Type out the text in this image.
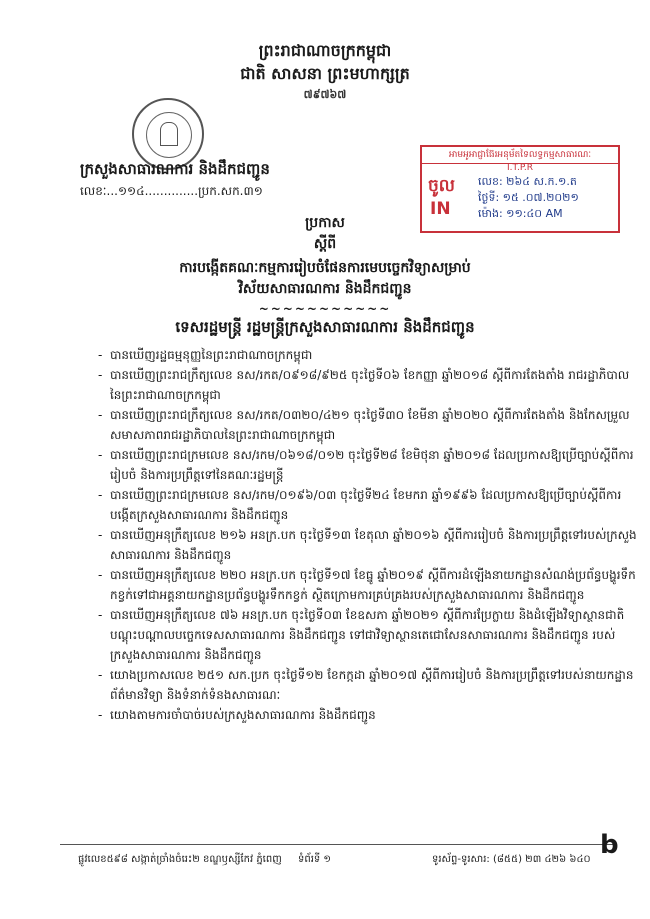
ព្រះរាជាណាចក្រកម្ពុជា
ជាតិ សាសនា ព្រះមហាក្សត្រ
៧៩៧៦៧
ក្រសួងសាធារណការ និងដឹកជញ្ជូន
លេខៈ...១១៤..............ប្រក.សក.៣១
អាមអូអាជ្ញាធ៊ែរអនុម័តទៃលទ្ធកម្មសាធារណៈ
I.T.P.R
ចូល
IN
លេខ: ២៦៤ ស.ក.១.ត
ថ្ងៃទី: ១៥ .០៧.២០២១
ម៉ោង: ១១:៤០ AM
ប្រកាស
ស្តីពី
ការបង្កើតគណៈកម្មការរៀបចំផែនការមេបច្ចេកវិទ្យាសម្រាប់
វិស័យសាធារណការ និងដឹកជញ្ជូន
~~~~~~~~~~~
ទេសរដ្ឋមន្ត្រី រដ្ឋមន្ត្រីក្រសួងសាធារណការ និងដឹកជញ្ជូន
- បានឃើញរដ្ឋធម្មនុញ្ញនៃព្រះរាជាណាចក្រកម្ពុជា
- បានឃើញព្រះរាជក្រឹត្យលេខ នស/រកត/០៩១៨/៩២៥ ចុះថ្ងៃទី០៦ ខែកញ្ញា ឆ្នាំ២០១៨ ស្តីពីការតែងតាំង រាជរដ្ឋាភិបាលនៃព្រះរាជាណាចក្រកម្ពុជា
- បានឃើញព្រះរាជក្រឹត្យលេខ នស/រកត/០៣២០/៤២១ ចុះថ្ងៃទី៣០ ខែមីនា ឆ្នាំ២០២០ ស្តីពីការតែងតាំង និងកែសម្រួលសមាសភាពរាជរដ្ឋាភិបាលនៃព្រះរាជាណាចក្រកម្ពុជា
- បានឃើញព្រះរាជក្រមលេខ នស/រកម/០៦១៨/០១២ ចុះថ្ងៃទី២៨ ខែមិថុនា ឆ្នាំ២០១៨ ដែលប្រកាសឱ្យប្រើច្បាប់ស្តីពីការរៀបចំ និងការប្រព្រឹត្តទៅនៃគណៈរដ្ឋមន្ត្រី
- បានឃើញព្រះរាជក្រមលេខ នស/រកម/០១៩៦/០៣ ចុះថ្ងៃទី២៤ ខែមករា ឆ្នាំ១៩៩៦ ដែលប្រកាសឱ្យប្រើច្បាប់ស្តីពីការបង្កើតក្រសួងសាធារណការ និងដឹកជញ្ជូន
- បានឃើញអនុក្រឹត្យលេខ ២១៦ អនក្រ.បក ចុះថ្ងៃទី១៣ ខែតុលា ឆ្នាំ២០១៦ ស្តីពីការរៀបចំ និងការប្រព្រឹត្តទៅរបស់ក្រសួងសាធារណការ និងដឹកជញ្ជូន
- បានឃើញអនុក្រឹត្យលេខ ២២០ អនក្រ.បក ចុះថ្ងៃទី១៧ ខែធ្នូ ឆ្នាំ២០១៩ ស្តីពីការដំឡើងនាយកដ្ឋានសំណង់ប្រព័ន្ធបង្ហូរទឹកកខ្វក់ទៅជាអគ្គនាយកដ្ឋានប្រព័ន្ធបង្ហូរទឹកកខ្វក់ ស្ថិតក្រោមការគ្រប់គ្រងរបស់ក្រសួងសាធារណការ និងដឹកជញ្ជូន
- បានឃើញអនុក្រឹត្យលេខ ៧៦ អនក្រ.បក ចុះថ្ងៃទី០៣ ខែឧសភា ឆ្នាំ២០២១ ស្តីពីការប្រែក្លាយ និងដំឡើងវិទ្យាស្ថានជាតិបណ្តុះបណ្តាលបច្ចេកទេសសាធារណការ និងដឹកជញ្ជូន ទៅជាវិទ្យាស្ថានតេជោសែនសាធារណការ និងដឹកជញ្ជូន របស់ក្រសួងសាធារណការ និងដឹកជញ្ជូន
- យោងប្រកាសលេខ ២៥១ សក.ប្រក ចុះថ្ងៃទី១២ ខែកក្កដា ឆ្នាំ២០១៧ ស្តីពីការរៀបចំ និងការប្រព្រឹត្តទៅរបស់នាយកដ្ឋានព័ត៌មានវិទ្យា និងទំនាក់ទំនងសាធារណៈ
- យោងតាមការចាំបាច់របស់ក្រសួងសាធារណការ និងដឹកជញ្ជូន
ផ្លូវលេខ៥៩៨ សង្កាត់ច្រាំងចំរេះ២ ខណ្ឌឫស្សីកែវ ភ្នំពេញ ទំព័រទី ១	ទូរស័ព្ទ-ទូរសារ: (៨៥៥) ២៣ ៤២៦ ៦៤០ b
